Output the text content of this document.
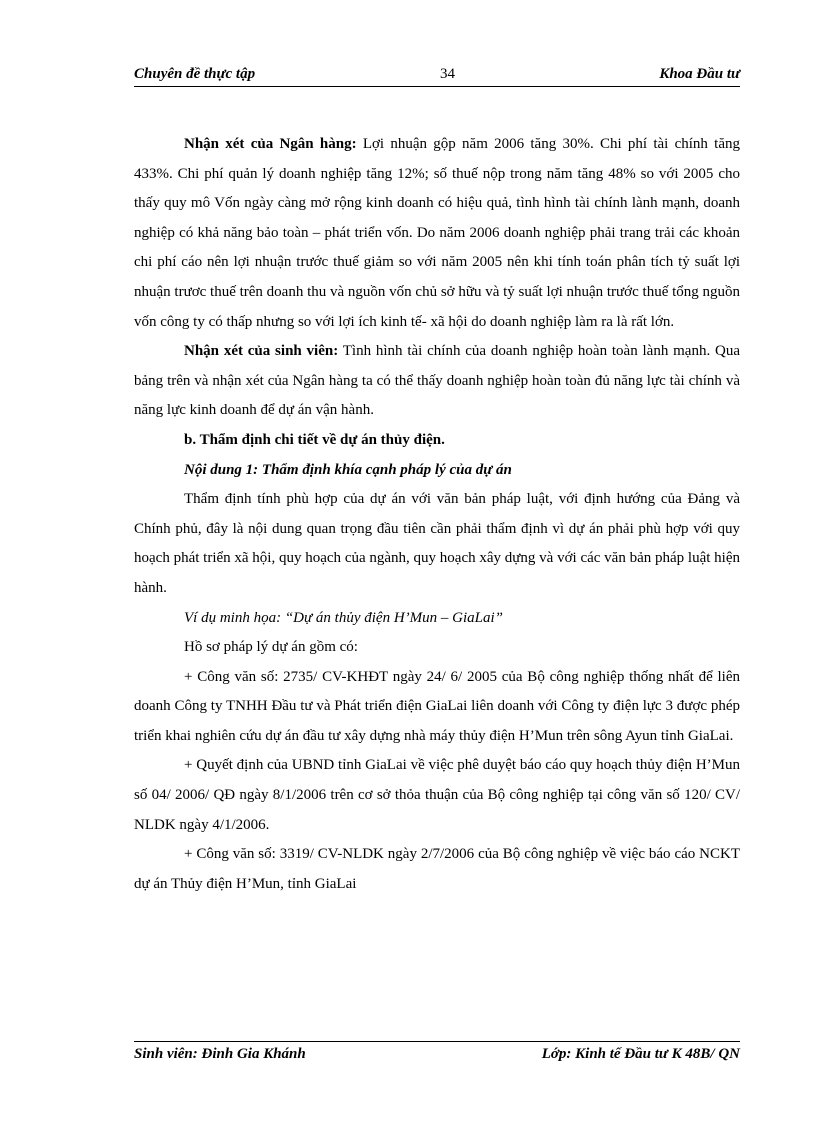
Chuyên đề thực tập	34	Khoa Đầu tư

Nhận xét của Ngân hàng: Lợi nhuận gộp năm 2006 tăng 30%. Chi phí tài chính tăng 433%. Chi phí quản lý doanh nghiệp tăng 12%; số thuế nộp trong năm tăng 48% so với 2005 cho thấy quy mô Vốn ngày càng mở rộng kinh doanh có hiệu quả, tình hình tài chính lành mạnh, doanh nghiệp có khả năng bảo toàn – phát triển vốn. Do năm 2006 doanh nghiệp phải trang trải các khoản chi phí cáo nên lợi nhuận trước thuế giảm so với năm 2005 nên khi tính toán phân tích tỷ suất lợi nhuận trươc thuế trên doanh thu và nguồn vốn chủ sở hữu và tỷ suất lợi nhuận trước thuế tổng nguồn vốn công ty có thấp nhưng so với lợi ích kinh tế- xã hội do doanh nghiệp làm ra là rất lớn.

Nhận xét của sinh viên: Tình hình tài chính của doanh nghiệp hoàn toàn lành mạnh. Qua bảng trên và nhận xét của Ngân hàng ta có thể thấy doanh nghiệp hoàn toàn đủ năng lực tài chính và năng lực kinh doanh để dự án vận hành.

b. Thẩm định chi tiết về dự án thủy điện.

Nội dung 1: Thẩm định khía cạnh pháp lý của dự án

Thẩm định tính phù hợp của dự án với văn bản pháp luật, với định hướng của Đảng và Chính phủ, đây là nội dung quan trọng đầu tiên cần phải thẩm định vì dự án phải phù hợp với quy hoạch phát triển xã hội, quy hoạch của ngành, quy hoạch xây dựng và với các văn bản pháp luật hiện hành.

Ví dụ minh họa: “Dự án thủy điện H’Mun – GiaLai”

Hồ sơ pháp lý dự án gồm có:

+ Công văn số: 2735/ CV-KHĐT ngày 24/ 6/ 2005 của Bộ công nghiệp thống nhất để liên doanh Công ty TNHH Đầu tư và Phát triển điện GiaLai liên doanh với Công ty điện lực 3 được phép triển khai nghiên cứu dự án đầu tư xây dựng nhà máy thủy điện H’Mun trên sông Ayun tỉnh GiaLai.

+ Quyết định của UBND tỉnh GiaLai về việc phê duyệt báo cáo quy hoạch thủy điện H’Mun số 04/ 2006/ QĐ ngày 8/1/2006 trên cơ sở thỏa thuận của Bộ công nghiệp tại công văn số 120/ CV/ NLDK ngày 4/1/2006.

+ Công văn số: 3319/ CV-NLDK ngày 2/7/2006 của Bộ công nghiệp về việc báo cáo NCKT dự án Thủy điện H’Mun, tỉnh GiaLai

Sinh viên: Đinh Gia Khánh	Lớp: Kinh tế Đầu tư K 48B/ QN
